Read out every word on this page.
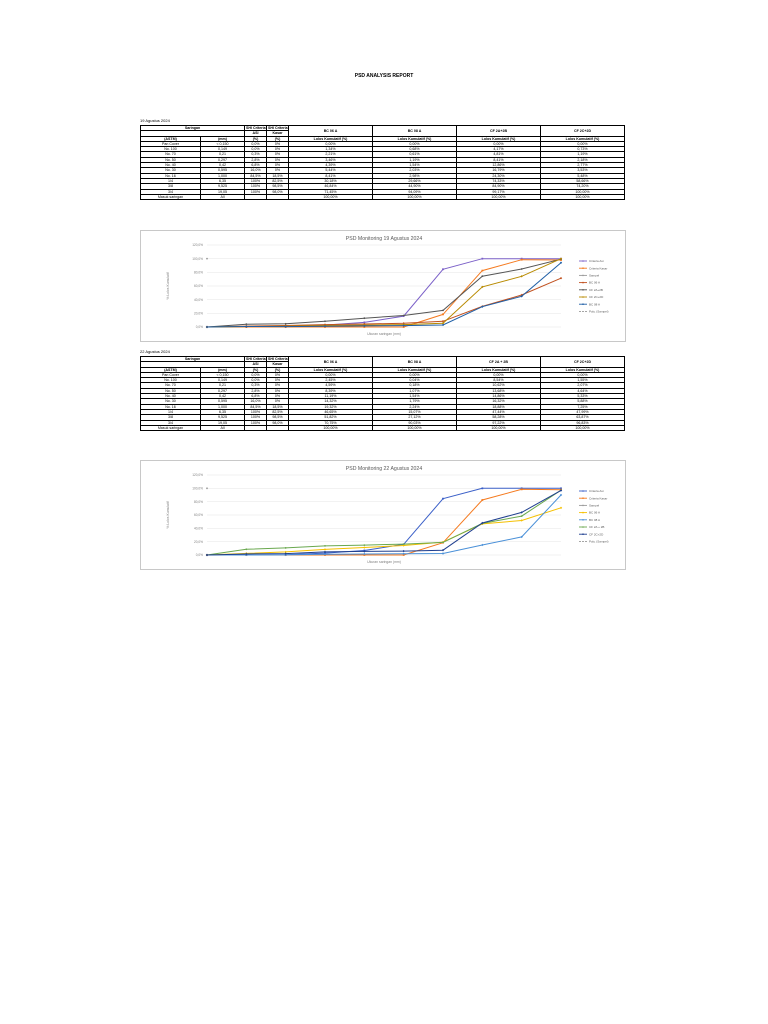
PSD ANALYSIS REPORT
19 Agustus 2024
Saringan		SHI Criteria	SHI Criteria	BC 06 A	BC 08 A	CF 2A+2B	CF 2C+2D
		ASI	Kasar				
(ASTM)	(mm)	(%)	(%)	Lolos Kumulatif (%)	Lolos Kumulatif (%)	Lolos Kumulatif (%)	Lolos Kumulatif (%)
Pan Cover	< 0,150	0,0%	0%	0,00%	0,00%	0,00%	0,00%
No. 100	0,149	0,0%	0%	1,34%	0,68%	4,17%	0,73%
No. 70	0,21	0,3%	0%	2,21%	0,61%	4,81%	1,19%
No. 50	0,297	2,8%	0%	3,46%	1,19%	8,41%	2,18%
No. 40	0,42	6,8%	0%	4,39%	1,54%	12,86%	2,77%
No. 30	0,595	16,0%	0%	5,44%	2,03%	16,79%	3,53%
No. 16	1,000	84,5%	18,5%	8,41%	2,98%	24,30%	5,48%
1/4	6,35	100%	82,5%	30,18%	29,66%	74,33%	58,66%
3/8	9,525	100%	98,5%	46,84%	44,90%	84,90%	74,20%
3/4	19,05	100%	98,0%	71,45%	94,09%	99,17%	100,00%
Masuk saringan	All			100,00%	100,00%	100,00%	100,00%
PSD Monitoring 19 Agustus 2024
0,0%
20,0%
40,0%
60,0%
80,0%
100,0%
120,0%
Ukuran saringan (mm)
% Lolos Kumulatif
Criteria Asi
Criteria Kasar
Sampel
BC 06 A
CF 2A+2B
CF 2C+2D
BC 08 A
Poly. (Sampel)
22 Agustus 2024
Saringan		SHI Criteria	SHI Criteria	BC 06 A	BC 08 A	CF 2A + 2B	CF 2C+2D
		ASI	Kasar				
(ASTM)	(mm)	(%)	(%)	Lolos Kumulatif (%)	Lolos Kumulatif (%)	Lolos Kumulatif (%)	Lolos Kumulatif (%)
Pan Cover	< 0,150	0,0%	0%	0,00%	0,00%	0,00%	0,00%
No. 100	0,149	0,0%	0%	2,45%	0,04%	8,54%	1,55%
No. 70	0,21	0,3%	0%	4,59%	0,18%	10,62%	2,07%
No. 50	0,297	2,8%	0%	8,39%	1,07%	13,68%	4,64%
No. 40	0,42	6,8%	0%	11,19%	1,54%	14,86%	5,33%
No. 30	0,595	16,0%	0%	14,32%	1,79%	16,32%	5,88%
No. 16	1,000	84,5%	18,5%	19,32%	2,24%	18,88%	7,25%
1/4	6,35	100%	82,5%	46,65%	15,07%	47,44%	47,99%
3/8	9,525	100%	98,5%	51,82%	27,12%	58,28%	63,87%
3/4	19,05	100%	98,0%	70,75%	90,03%	97,22%	96,83%
Masuk saringan	All			100,00%	100,00%	100,00%	100,00%
PSD Monitoring 22 Agustus 2024
0,0%
20,0%
40,0%
60,0%
80,0%
100,0%
120,0%
Ukuran saringan (mm)
% Lolos Kumulatif
Criteria Asi
Criteria Kasar
Sampel
BC 06 A
BC 08 A
CF 2A + 2B
CF 2C+2D
Poly. (Sampel)
